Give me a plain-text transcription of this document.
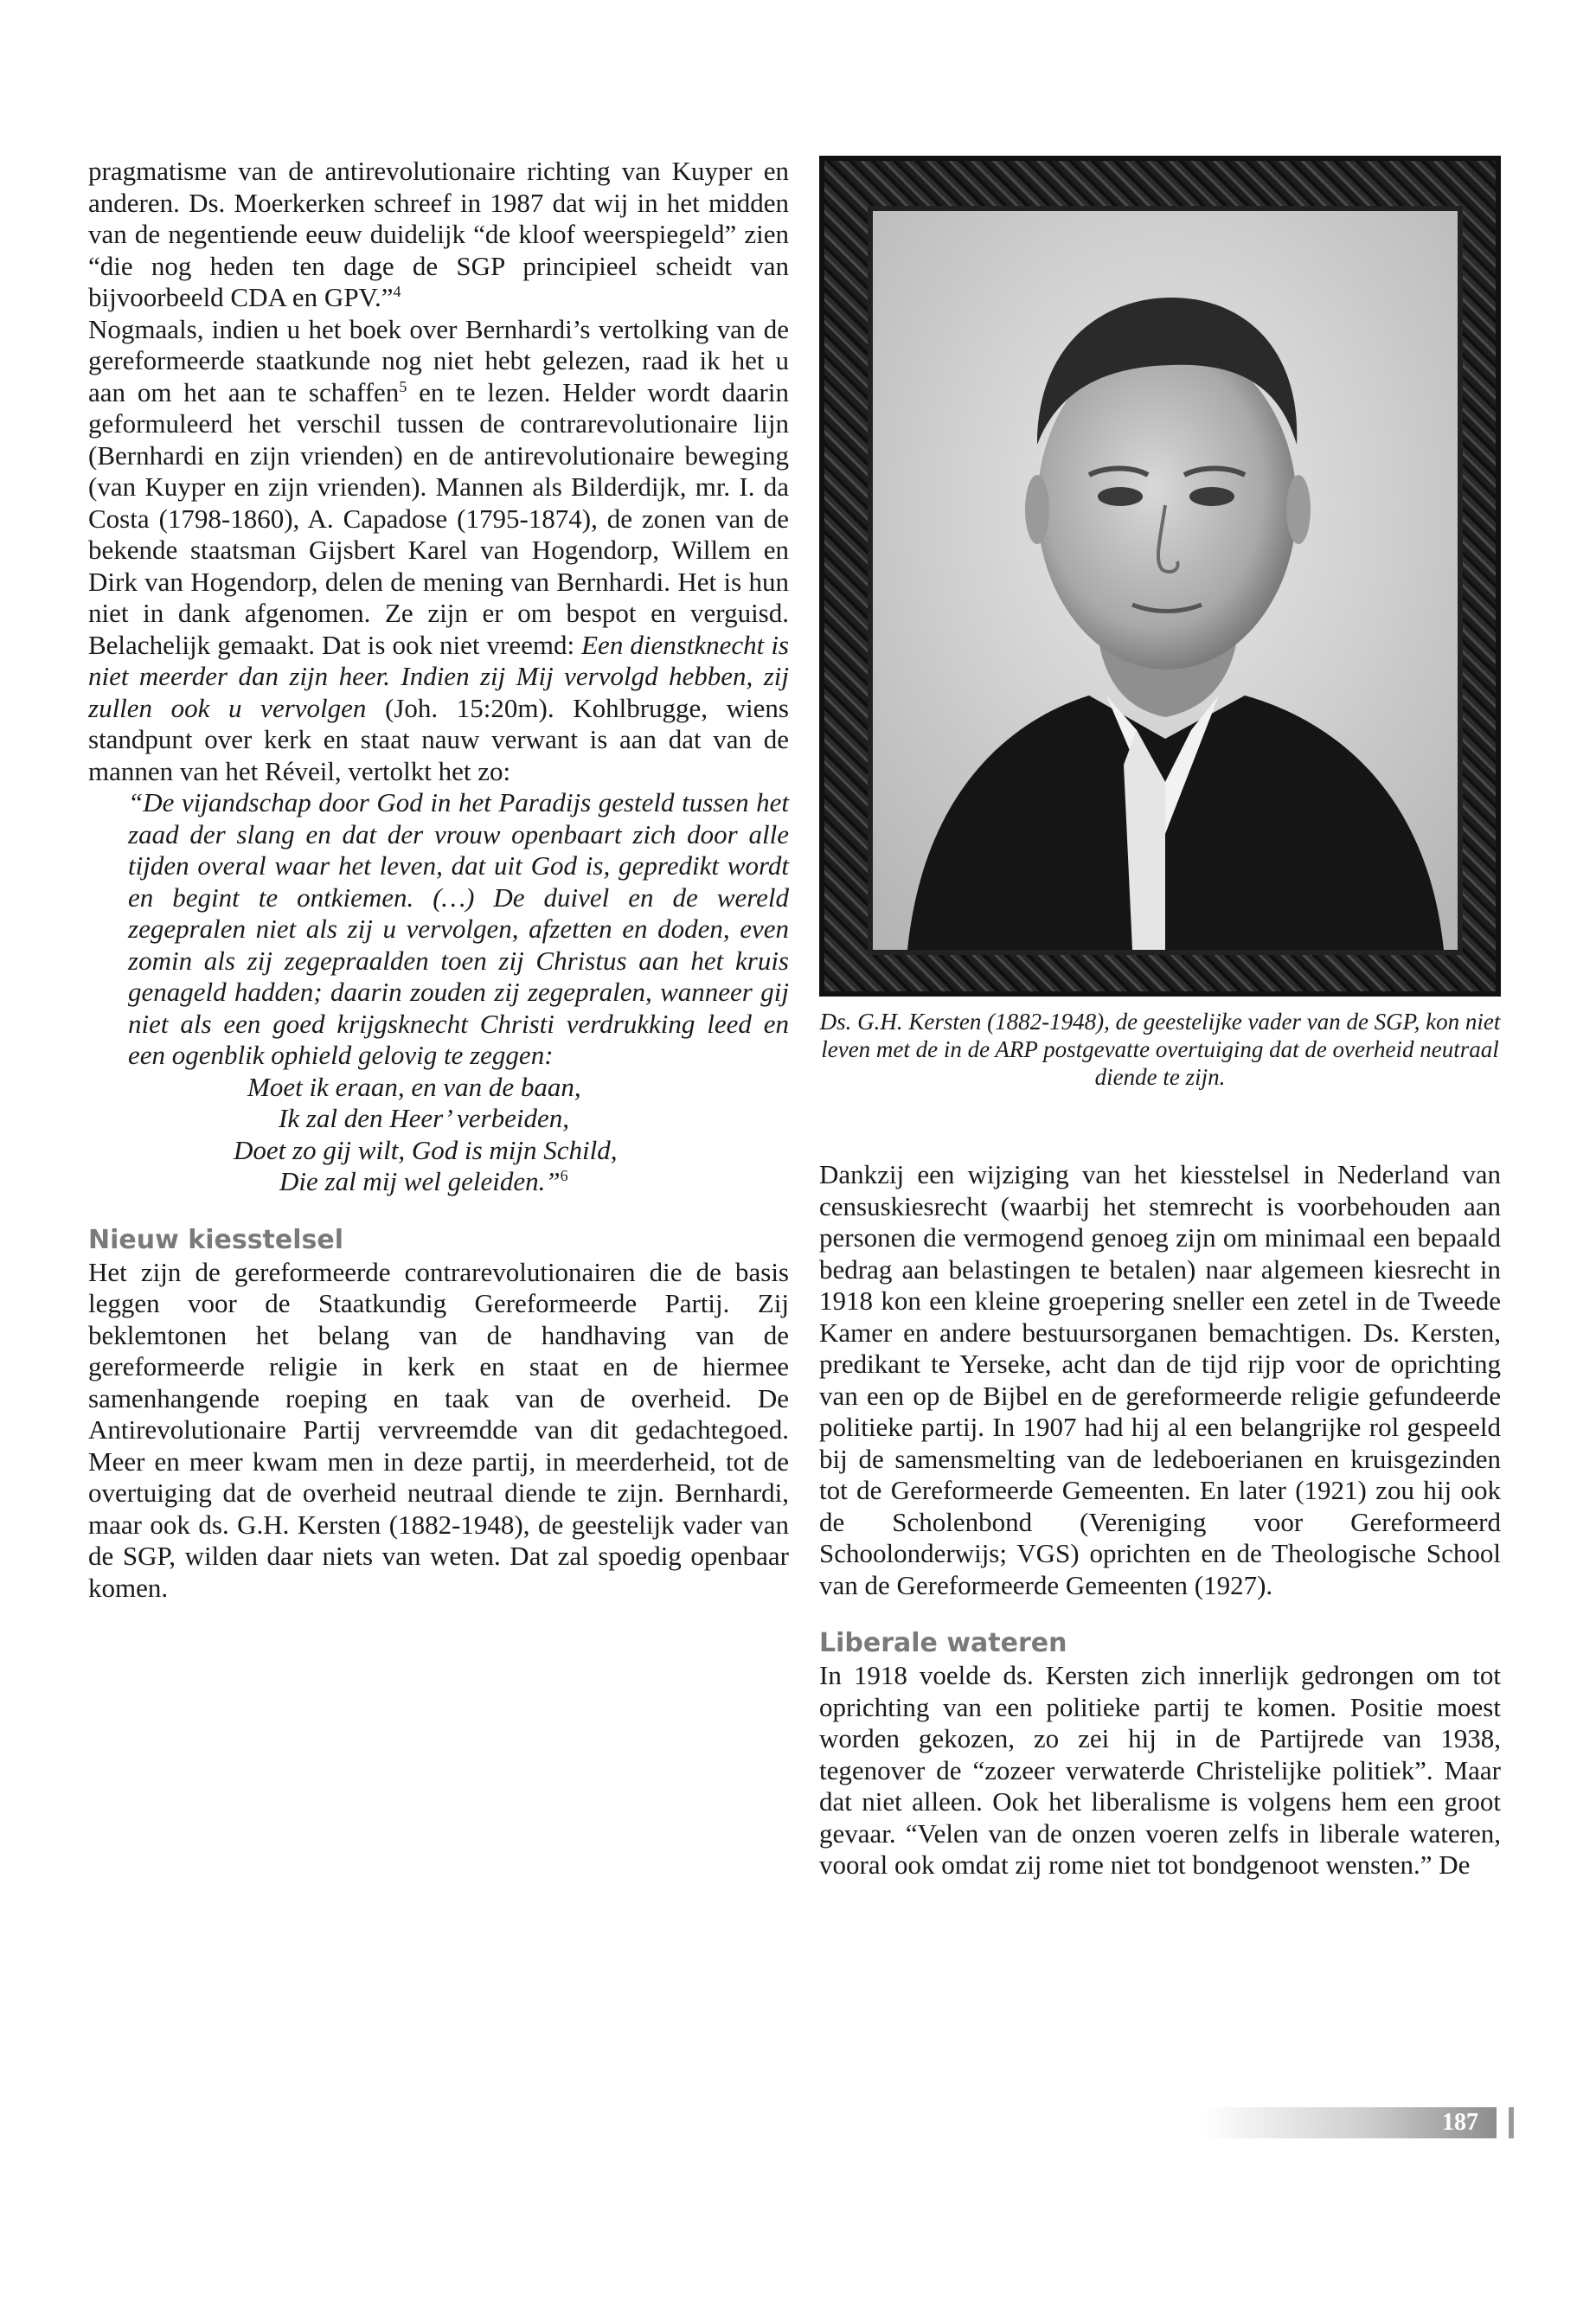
pragmatisme van de antirevolutionaire richting van Kuyper en anderen. Ds. Moerkerken schreef in 1987 dat wij in het midden van de negentiende eeuw duidelijk “de kloof weerspiegeld” zien “die nog heden ten dage de SGP principieel scheidt van bijvoorbeeld CDA en GPV.”$^4$

Nogmaals, indien u het boek over Bernhardi’s vertolking van de gereformeerde staatkunde nog niet hebt gelezen, raad ik het u aan om het aan te schaffen$^5$ en te lezen. Helder wordt daarin geformuleerd het verschil tussen de contrarevolutionaire lijn (Bernhardi en zijn vrienden) en de antirevolutionaire beweging (van Kuyper en zijn vrienden). Mannen als Bilderdijk, mr. I. da Costa (1798-1860), A. Capadose (1795-1874), de zonen van de bekende staatsman Gijsbert Karel van Hogendorp, Willem en Dirk van Hogendorp, delen de mening van Bernhardi. Het is hun niet in dank afgenomen. Ze zijn er om bespot en verguisd. Belachelijk gemaakt. Dat is ook niet vreemd: Een dienstknecht is niet meerder dan zijn heer. Indien zij Mij vervolgd hebben, zij zullen ook u vervolgen (Joh. 15:20m). Kohlbrugge, wiens standpunt over kerk en staat nauw verwant is aan dat van de mannen van het Réveil, vertolkt het zo:

“De vijandschap door God in het Paradijs gesteld tussen het zaad der slang en dat der vrouw openbaart zich door alle tijden overal waar het leven, dat uit God is, gepredikt wordt en begint te ontkiemen. (…) De duivel en de wereld zegepralen niet als zij u vervolgen, afzetten en doden, even zomin als zij zegepraalden toen zij Christus aan het kruis genageld hadden; daarin zouden zij zegepralen, wanneer gij niet als een goed krijgsknecht Christi verdrukking leed en een ogenblik ophield gelovig te zeggen:

Moet ik eraan, en van de baan,
Ik zal den Heer’ verbeiden,
Doet zo gij wilt, God is mijn Schild,
Die zal mij wel geleiden.”$^6$
Nieuw kiesstelsel

Het zijn de gereformeerde contrarevolutionairen die de basis leggen voor de Staatkundig Gereformeerde Partij. Zij beklemtonen het belang van de handhaving van de gereformeerde religie in kerk en staat en de hiermee samenhangende roeping en taak van de overheid. De Antirevolutionaire Partij vervreemdde van dit gedachtegoed. Meer en meer kwam men in deze partij, in meerderheid, tot de overtuiging dat de overheid neutraal diende te zijn. Bernhardi, maar ook ds. G.H. Kersten (1882-1948), de geestelijk vader van de SGP, wilden daar niets van weten. Dat zal spoedig openbaar komen.

Ds. G.H. Kersten (1882-1948), de geestelijke vader van de SGP, kon niet leven met de in de ARP postgevatte overtuiging dat de overheid neutraal diende te zijn.

Dankzij een wijziging van het kiesstelsel in Nederland van censuskiesrecht (waarbij het stemrecht is voorbehouden aan personen die vermogend genoeg zijn om minimaal een bepaald bedrag aan belastingen te betalen) naar algemeen kiesrecht in 1918 kon een kleine groepering sneller een zetel in de Tweede Kamer en andere bestuursorganen bemachtigen. Ds. Kersten, predikant te Yerseke, acht dan de tijd rijp voor de oprichting van een op de Bijbel en de gereformeerde religie gefundeerde politieke partij. In 1907 had hij al een belangrijke rol gespeeld bij de samensmelting van de ledeboerianen en kruisgezinden tot de Gereformeerde Gemeenten. En later (1921) zou hij ook de Scholenbond (Vereniging voor Gereformeerd Schoolonderwijs; VGS) oprichten en de Theologische School van de Gereformeerde Gemeenten (1927).

Liberale wateren

In 1918 voelde ds. Kersten zich innerlijk gedrongen om tot oprichting van een politieke partij te komen. Positie moest worden gekozen, zo zei hij in de Partijrede van 1938, tegenover de “zozeer verwaterde Christelijke politiek”. Maar dat niet alleen. Ook het liberalisme is volgens hem een groot gevaar. “Velen van de onzen voeren zelfs in liberale wateren, vooral ook omdat zij rome niet tot bondgenoot wensten.” De

187
